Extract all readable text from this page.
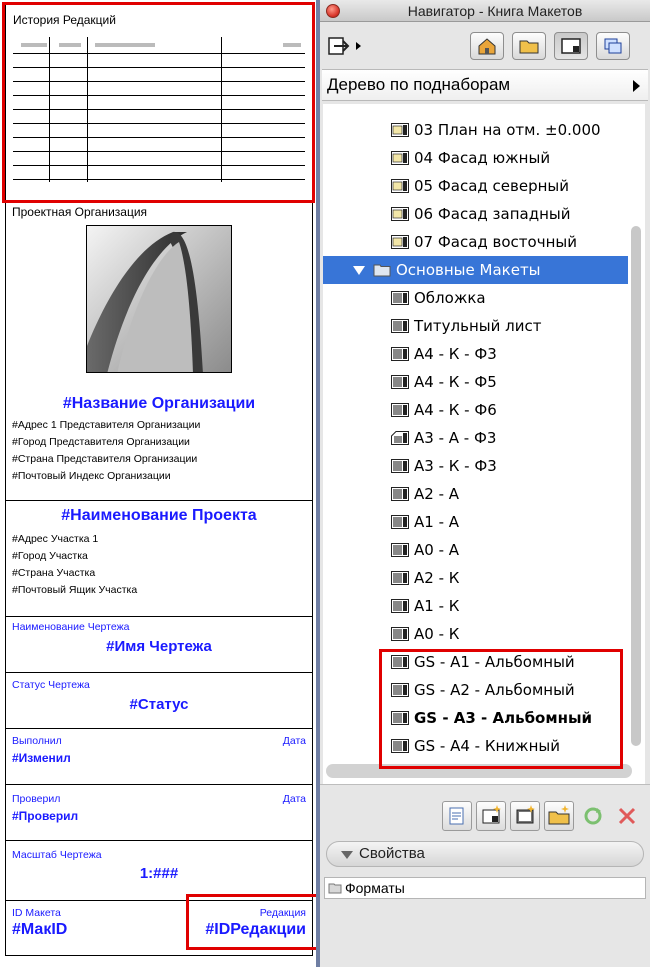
История Редакций
Проектная Организация
#Название Организации
#Адрес 1 Представителя Организации
#Город Представителя Организации
#Страна Представителя Организации
#Почтовый Индекс Организации
#Наименование Проекта
#Адрес Участка 1
#Город Участка
#Страна Участка
#Почтовый Ящик Участка
Наименование Чертежа
#Имя Чертежа
Статус Чертежа
#Статус
Выполнил	Дата
#Изменил
Проверил	Дата
#Проверил
Масштаб Чертежа
1:###
ID Макета
#МакID
Редакция
#IDРедакции
Навигатор - Книга Макетов
Дерево по поднаборам
GS - A4 - Книжный
GS - A3 - Альбомный
GS - A2 - Альбомный
GS - A1 - Альбомный
A0 - К
A1 - К
A2 - К
A0 - А
A1 - А
A2 - А
A3 - К - Ф3
A3 - А - Ф3
A4 - К - Ф6
A4 - К - Ф5
A4 - К - Ф3
Титульный лист
Обложка
Основные Макеты
07 Фасад восточный
06 Фасад западный
05 Фасад северный
04 Фасад южный
03 План на отм. ±0.000
Свойства
Форматы
